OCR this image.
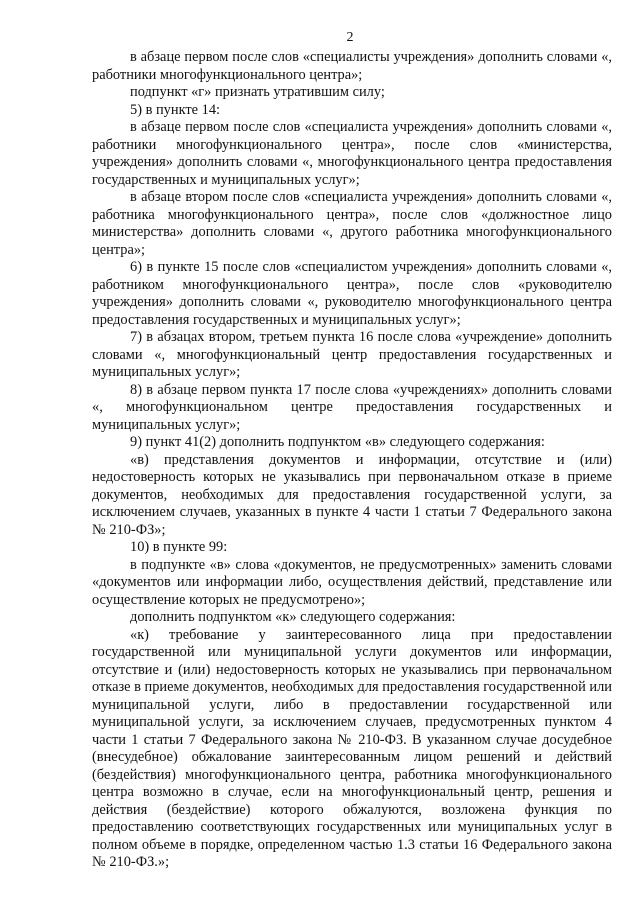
2

в абзаце первом после слов «специалисты учреждения» дополнить словами «, работники многофункционального центра»;

подпункт «г» признать утратившим силу;

5) в пункте 14:

в абзаце первом после слов «специалиста учреждения» дополнить словами «, работники многофункционального центра», после слов «министерства, учреждения» дополнить словами «, многофункционального центра предоставления государственных и муниципальных услуг»;

в абзаце втором после слов «специалиста учреждения» дополнить словами «, работника многофункционального центра», после слов «должностное лицо министерства» дополнить словами «, другого работника многофункционального центра»;

6) в пункте 15 после слов «специалистом учреждения» дополнить словами «, работником многофункционального центра», после слов «руководителю учреждения» дополнить словами «, руководителю многофункционального центра предоставления государственных и муниципальных услуг»;

7) в абзацах втором, третьем пункта 16 после слова «учреждение» дополнить словами «, многофункциональный центр предоставления государственных и муниципальных услуг»;

8) в абзаце первом пункта 17 после слова «учреждениях» дополнить словами «, многофункциональном центре предоставления государственных и муниципальных услуг»;

9) пункт 41(2) дополнить подпунктом «в» следующего содержания:

«в) представления документов и информации, отсутствие и (или) недостоверность которых не указывались при первоначальном отказе в приеме документов, необходимых для предоставления государственной услуги, за исключением случаев, указанных в пункте 4 части 1 статьи 7 Федерального закона № 210-ФЗ»;

10) в пункте 99:

в подпункте «в» слова «документов, не предусмотренных» заменить словами «документов или информации либо, осуществления действий, представление или осуществление которых не предусмотрено»;

дополнить подпунктом «к» следующего содержания:

«к) требование у заинтересованного лица при предоставлении государственной или муниципальной услуги документов или информации, отсутствие и (или) недостоверность которых не указывались при первоначальном отказе в приеме документов, необходимых для предоставления государственной или муниципальной услуги, либо в предоставлении государственной или муниципальной услуги, за исключением случаев, предусмотренных пунктом 4 части 1 статьи 7 Федерального закона № 210-ФЗ. В указанном случае досудебное (внесудебное) обжалование заинтересованным лицом решений и действий (бездействия) многофункционального центра, работника многофункционального центра возможно в случае, если на многофункциональный центр, решения и действия (бездействие) которого обжалуются, возложена функция по предоставлению соответствующих государственных или муниципальных услуг в полном объеме в порядке, определенном частью 1.3 статьи 16 Федерального закона № 210-ФЗ.»;
